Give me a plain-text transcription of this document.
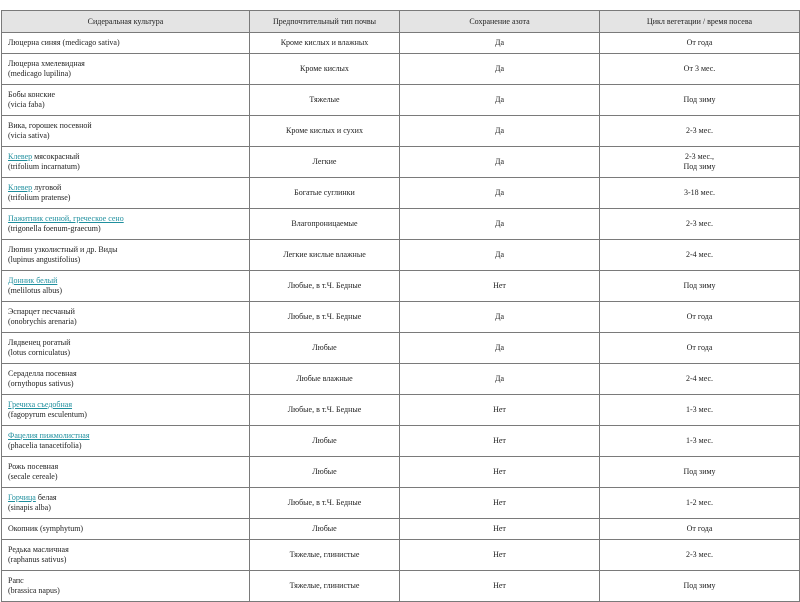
Сидеральная культура	Предпочтительный тип почвы	Сохранение азота	Цикл вегетации / время посева

Люцерна синяя (medicago sativa)	Кроме кислых и влажных	Да	От года

Люцерна хмелевидная
(medicago lupilina)	Кроме кислых	Да	От 3 мес.

Бобы конские
(vicia faba)	Тяжелые	Да	Под зиму

Вика, горошек посевной
(vicia sativa)	Кроме кислых и сухих	Да	2-3 мес.

Клевер мясокрасный
(trifolium incarnatum)	Легкие	Да	2-3 мес.,
Под зиму

Клевер луговой
(trifolium pratense)	Богатые суглинки	Да	3-18 мес.

Пажитник сенной, греческое сено
(trigonella foenum-graecum)	Влагопроницаемые	Да	2-3 мес.

Люпин узколистный и др. Виды
(lupinus angustifolius)	Легкие кислые влажные	Да	2-4 мес.

Донник белый
(melilotus albus)	Любые, в т.Ч. Бедные	Нет	Под зиму

Эспарцет песчаный
(onobrychis arenaria)	Любые, в т.Ч. Бедные	Да	От года

Лядвенец рогатый
(lotus corniculatus)	Любые	Да	От года

Сераделла посевная
(ornythopus sativus)	Любые влажные	Да	2-4 мес.

Гречиха съедобная
(fagopyrum esculentum)	Любые, в т.Ч. Бедные	Нет	1-3 мес.

Фацелия пижмолистная
(phacelia tanacetifolia)	Любые	Нет	1-3 мес.

Рожь посевная
(secale cereale)	Любые	Нет	Под зиму

Горчица белая
(sinapis alba)	Любые, в т.Ч. Бедные	Нет	1-2 мес.

Окопник (symphytum)	Любые	Нет	От года

Редька масличная
(raphanus sativus)	Тяжелые, глинистые	Нет	2-3 мес.

Рапс
(brassica napus)	Тяжелые, глинистые	Нет	Под зиму
